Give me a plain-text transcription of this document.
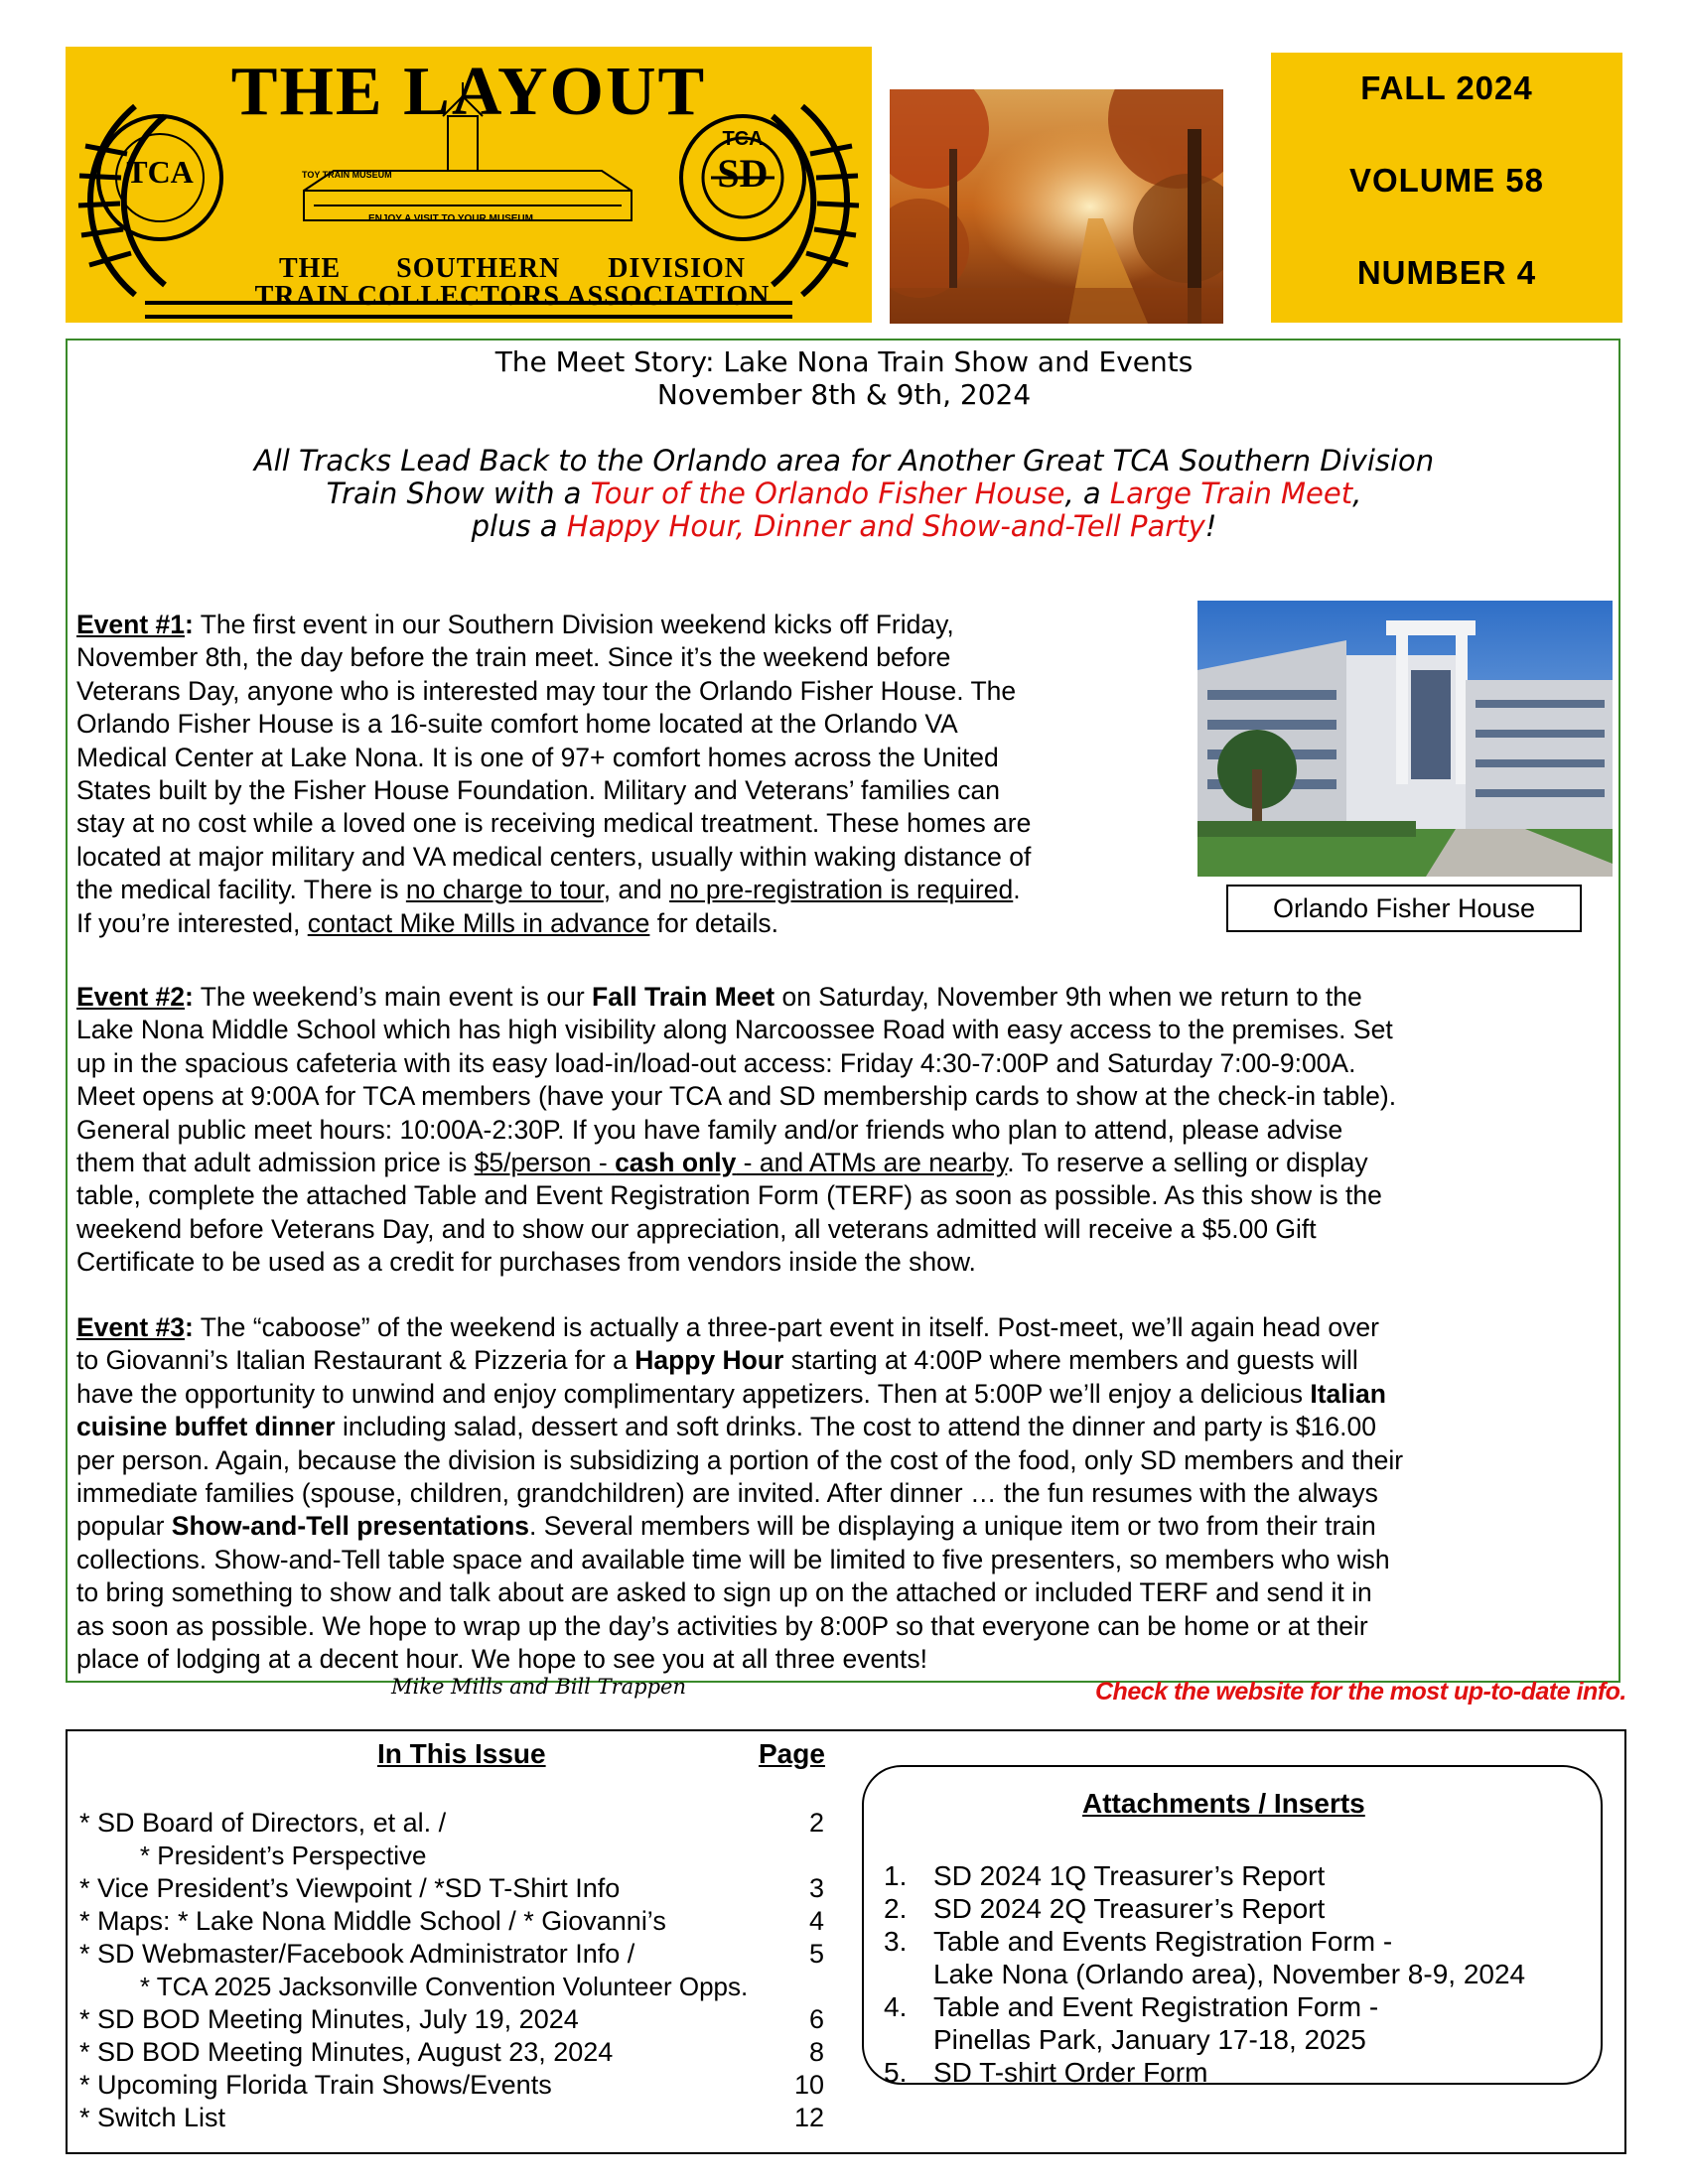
THE LAYOUT
TCA
TCA
SD
TOY TRAIN MUSEUM
ENJOY A VISIT TO YOUR MUSEUM
THE       SOUTHERN      DIVISION
TRAIN COLLECTORS ASSOCIATION
FALL 2024
VOLUME 58
NUMBER 4
The Meet Story: Lake Nona Train Show and Events
November 8th & 9th, 2024
All Tracks Lead Back to the Orlando area for Another Great TCA Southern Division
Train Show with a Tour of the Orlando Fisher House, a Large Train Meet,
plus a Happy Hour, Dinner and Show-and-Tell Party!
Event #1: The first event in our Southern Division weekend kicks off Friday,
November 8th, the day before the train meet. Since it’s the weekend before
Veterans Day, anyone who is interested may tour the Orlando Fisher House. The
Orlando Fisher House is a 16-suite comfort home located at the Orlando VA
Medical Center at Lake Nona. It is one of 97+ comfort homes across the United
States built by the Fisher House Foundation. Military and Veterans’ families can
stay at no cost while a loved one is receiving medical treatment. These homes are
located at major military and VA medical centers, usually within waking distance of
the medical facility. There is no charge to tour, and no pre-registration is required.
If you’re interested, contact Mike Mills in advance for details.	Orlando Fisher House
Event #2: The weekend’s main event is our Fall Train Meet on Saturday, November 9th when we return to the
Lake Nona Middle School which has high visibility along Narcoossee Road with easy access to the premises. Set
up in the spacious cafeteria with its easy load-in/load-out access: Friday 4:30-7:00P and Saturday 7:00-9:00A.
Meet opens at 9:00A for TCA members (have your TCA and SD membership cards to show at the check-in table).
General public meet hours: 10:00A-2:30P. If you have family and/or friends who plan to attend, please advise
them that adult admission price is $5/person - cash only - and ATMs are nearby. To reserve a selling or display
table, complete the attached Table and Event Registration Form (TERF) as soon as possible. As this show is the
weekend before Veterans Day, and to show our appreciation, all veterans admitted will receive a $5.00 Gift
Certificate to be used as a credit for purchases from vendors inside the show.
Event #3: The “caboose” of the weekend is actually a three-part event in itself. Post-meet, we’ll again head over
to Giovanni’s Italian Restaurant & Pizzeria for a Happy Hour starting at 4:00P where members and guests will
have the opportunity to unwind and enjoy complimentary appetizers. Then at 5:00P we’ll enjoy a delicious Italian
cuisine buffet dinner including salad, dessert and soft drinks. The cost to attend the dinner and party is $16.00
per person. Again, because the division is subsidizing a portion of the cost of the food, only SD members and their
immediate families (spouse, children, grandchildren) are invited. After dinner … the fun resumes with the always
popular Show-and-Tell presentations. Several members will be displaying a unique item or two from their train
collections. Show-and-Tell table space and available time will be limited to five presenters, so members who wish
to bring something to show and talk about are asked to sign up on the attached or included TERF and send it in
as soon as possible. We hope to wrap up the day’s activities by 8:00P so that everyone can be home or at their
place of lodging at a decent hour. We hope to see you at all three events!
Mike Mills and Bill Trappen	Check the website for the most up-to-date info.
In This Issue	Page
* SD Board of Directors, et al. /	2
* President’s Perspective
* Vice President’s Viewpoint / *SD T-Shirt Info	3
* Maps: * Lake Nona Middle School / * Giovanni’s	4
* SD Webmaster/Facebook Administrator Info /	5
* TCA 2025 Jacksonville Convention Volunteer Opps.
* SD BOD Meeting Minutes, July 19, 2024	6
* SD BOD Meeting Minutes, August 23, 2024	8
* Upcoming Florida Train Shows/Events	10
* Switch List	12
Attachments / Inserts
1. SD 2024 1Q Treasurer’s Report
2. SD 2024 2Q Treasurer’s Report
3. Table and Events Registration Form -
Lake Nona (Orlando area), November 8-9, 2024
4. Table and Event Registration Form -
Pinellas Park, January 17-18, 2025
5. SD T-shirt Order Form
